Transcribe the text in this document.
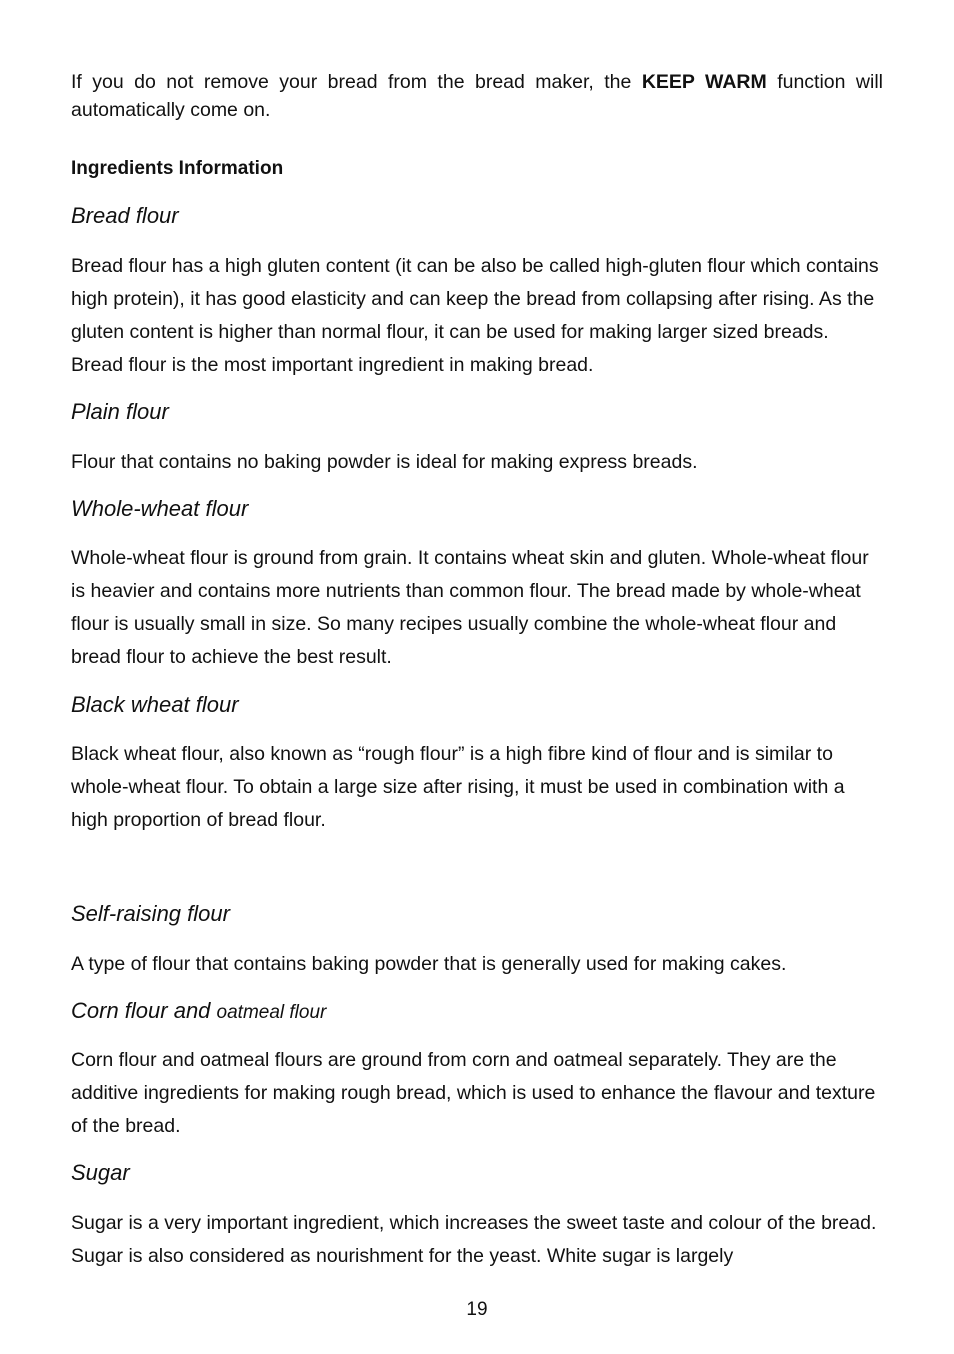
If you do not remove your bread from the bread maker, the KEEP WARM function will automatically come on.

Ingredients Information
Bread flour

Bread flour has a high gluten content (it can be also be called high-gluten flour which contains high protein), it has good elasticity and can keep the bread from collapsing after rising. As the gluten content is higher than normal flour, it can be used for making larger sized breads. Bread flour is the most important ingredient in making bread.

Plain flour

Flour that contains no baking powder is ideal for making express breads.

Whole-wheat flour

Whole-wheat flour is ground from grain. It contains wheat skin and gluten. Whole-wheat flour is heavier and contains more nutrients than common flour. The bread made by whole-wheat flour is usually small in size. So many recipes usually combine the whole-wheat flour and bread flour to achieve the best result.

Black wheat flour

Black wheat flour, also known as “rough flour” is a high fibre kind of flour and is similar to whole-wheat flour. To obtain a large size after rising, it must be used in combination with a high proportion of bread flour.

Self-raising flour

A type of flour that contains baking powder that is generally used for making cakes.

Corn flour and oatmeal flour

Corn flour and oatmeal flours are ground from corn and oatmeal separately. They are the additive ingredients for making rough bread, which is used to enhance the flavour and texture of the bread.

Sugar

Sugar is a very important ingredient, which increases the sweet taste and colour of the bread. Sugar is also considered as nourishment for the yeast. White sugar is largely

19
